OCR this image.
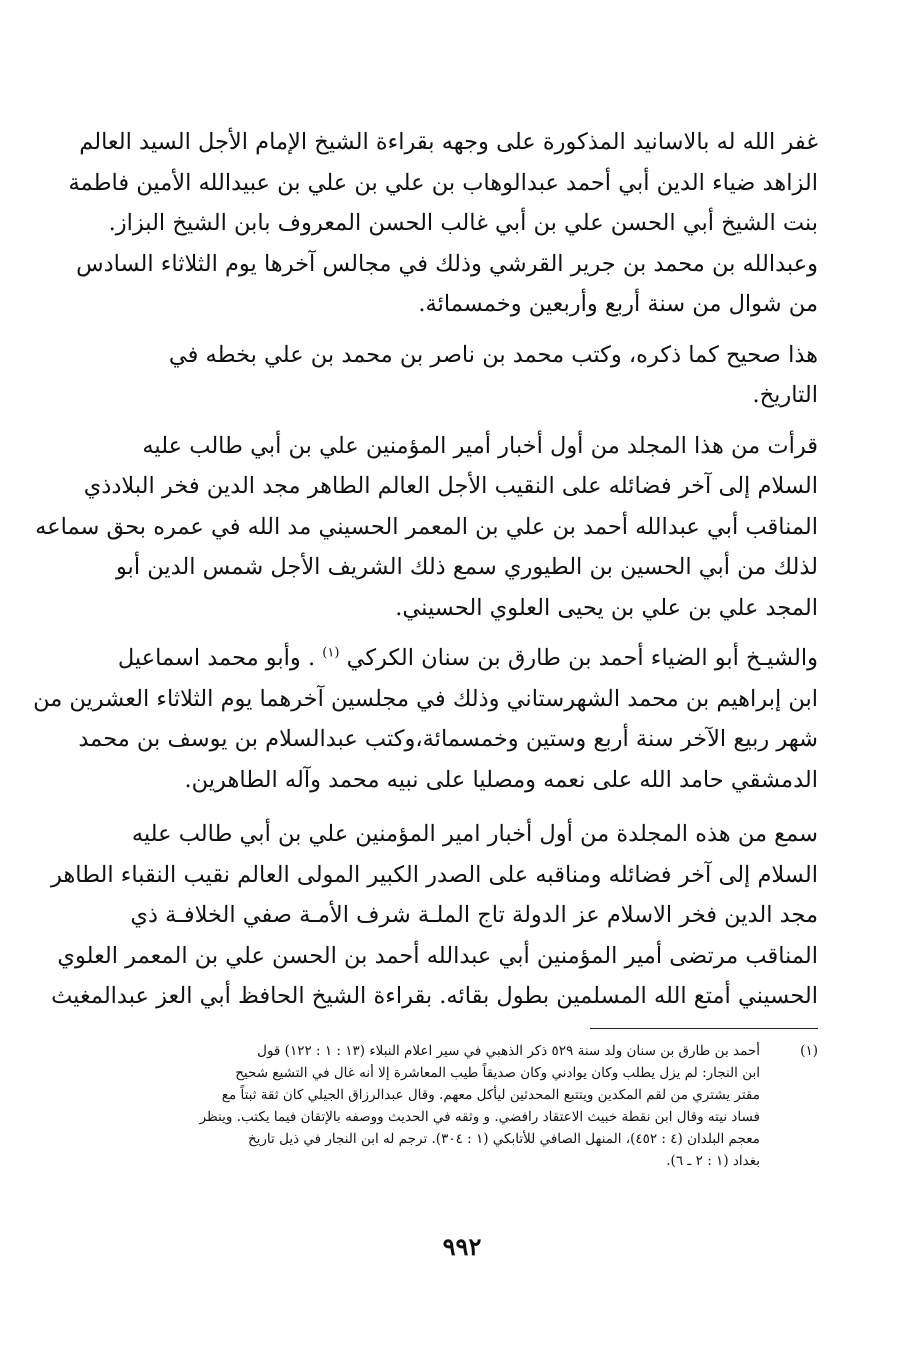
غفر الله له بالاسانيد المذكورة على وجهه بقراءة الشيخ الإمام الأجل السيد العالم
الزاهد ضياء الدين أبي أحمد عبدالوهاب بن علي بن علي بن عبيدالله الأمين فاطمة
بنت الشيخ أبي الحسن علي بن أبي غالب الحسن المعروف بابن الشيخ البزاز.
وعبدالله بن محمد بن جرير القرشي وذلك في مجالس آخرها يوم الثلاثاء السادس
من شوال من سنة أربع وأربعين وخمسمائة.

هذا صحيح كما ذكره، وكتب محمد بن ناصر بن محمد بن علي بخطه في
التاريخ.

قرأت من هذا المجلد من أول أخبار أمير المؤمنين علي بن أبي طالب عليه
السلام إلى آخر فضائله على النقيب الأجل العالم الطاهر مجد الدين فخر البلادذي
المناقب أبي عبدالله أحمد بن علي بن المعمر الحسيني مد الله في عمره بحق سماعه
لذلك من أبي الحسين بن الطيوري سمع ذلك الشريف الأجل شمس الدين أبو
المجد علي بن علي بن يحيى العلوي الحسيني.

والشيـخ أبو الضياء أحمد بن طارق بن سنان الكركي $^{(١)}$ . وأبو محمد اسماعيل
ابن إبراهيم بن محمد الشهرستاني وذلك في مجلسين آخرهما يوم الثلاثاء العشرين من
شهر ربيع الآخر سنة أربع وستين وخمسمائة،وكتب عبدالسلام بن يوسف بن محمد
الدمشقي حامد الله على نعمه ومصليا على نبيه محمد وآله الطاهرين.

سمع من هذه المجلدة من أول أخبار امير المؤمنين علي بن أبي طالب عليه
السلام إلى آخر فضائله ومناقبه على الصدر الكبير المولى العالم نقيب النقباء الطاهر
مجد الدين فخر الاسلام عز الدولة تاج الملـة شرف الأمـة صفي الخلافـة ذي
المناقب مرتضى أمير المؤمنين أبي عبدالله أحمد بن الحسن علي بن المعمر العلوي
الحسيني أمتع الله المسلمين بطول بقائه. بقراءة الشيخ الحافظ أبي العز عبدالمغيث

(١)
أحمد بن طارق بن سنان ولد سنة ٥٢٩ ذكر الذهبي في سير اعلام النبلاء (١٣ : ١ : ١٢٢) قول
ابن النجار: لم يزل يطلب وكان يوادني وكان صديقاً طيب المعاشرة إلا أنه غال في التشيع شحيح
مقتر يشتري من لقم المكدين ويتتبع المحدثين ليأكل معهم. وقال عبدالرزاق الجيلي كان ثقة ثبتاً مع
فساد نيته وقال ابن نقطة خبيث الاعتقاد رافضي. و وثقه في الحديث ووصفه بالإتقان فيما يكتب. وينظر
معجم البلدان (٤ : ٤٥٢)، المنهل الصافي للأتابكي (١ : ٣٠٤). ترجم له ابن النجار في ذيل تاريخ
بغداد (١ : ٢ ـ ٦).
٩٩٢
